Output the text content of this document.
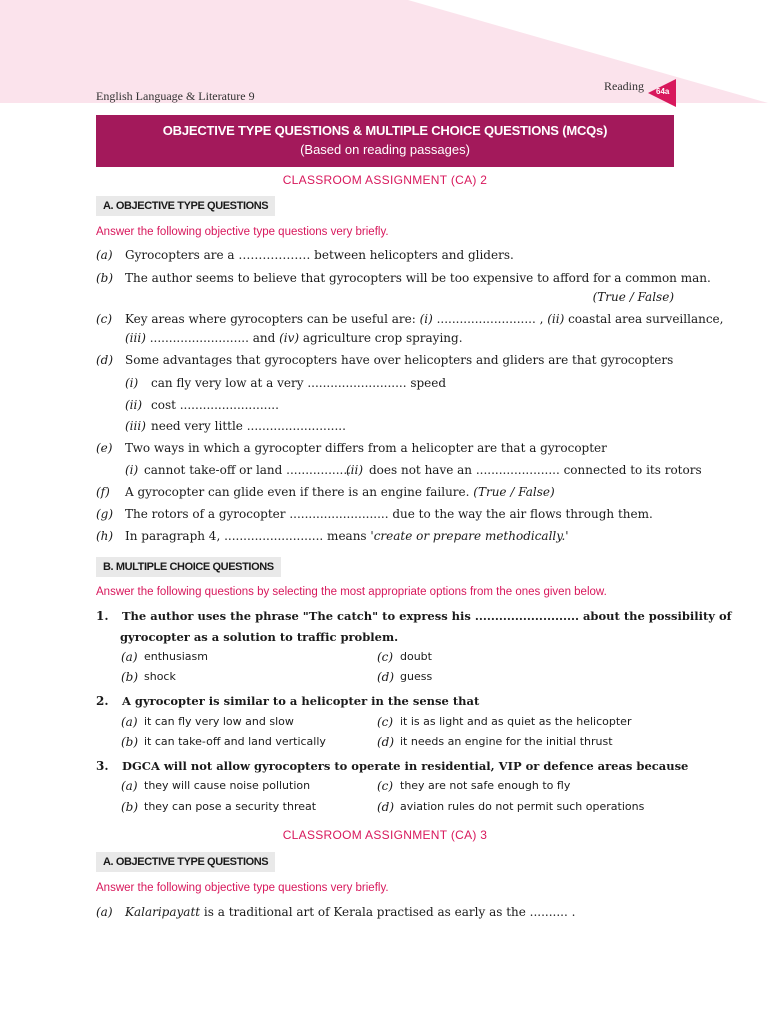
English Language & Literature 9
Reading 64a
OBJECTIVE TYPE QUESTIONS & MULTIPLE CHOICE QUESTIONS (MCQs)
(Based on reading passages)
CLASSROOM ASSIGNMENT (CA) 2
A. OBJECTIVE TYPE QUESTIONS
Answer the following objective type questions very briefly.
(a) Gyrocopters are a ……………… between helicopters and gliders.
(b) The author seems to believe that gyrocopters will be too expensive to afford for a common man.
(True / False)
(c) Key areas where gyrocopters can be useful are: (i) .......................... , (ii) coastal area surveillance,
(iii) .......................... and (iv) agriculture crop spraying.
(d) Some advantages that gyrocopters have over helicopters and gliders are that gyrocopters
(i) can fly very low at a very .......................... speed
(ii) cost ..........................
(iii) need very little ..........................
(e) Two ways in which a gyrocopter differs from a helicopter are that a gyrocopter
(i) cannot take-off or land .................
(ii) does not have an ...................... connected to its rotors
(f) A gyrocopter can glide even if there is an engine failure. (True / False)
(g) The rotors of a gyrocopter .......................... due to the way the air flows through them.
(h) In paragraph 4, .......................... means 'create or prepare methodically.'
B. MULTIPLE CHOICE QUESTIONS
Answer the following questions by selecting the most appropriate options from the ones given below.
1. The author uses the phrase "The catch" to express his .......................... about the possibility of
gyrocopter as a solution to traffic problem.
(a) enthusiasm
(b) shock
(c) doubt
(d) guess
2. A gyrocopter is similar to a helicopter in the sense that
(a) it can fly very low and slow
(b) it can take-off and land vertically
(c) it is as light and as quiet as the helicopter
(d) it needs an engine for the initial thrust
3. DGCA will not allow gyrocopters to operate in residential, VIP or defence areas because
(a) they will cause noise pollution
(b) they can pose a security threat
(c) they are not safe enough to fly
(d) aviation rules do not permit such operations
CLASSROOM ASSIGNMENT (CA) 3
A. OBJECTIVE TYPE QUESTIONS
Answer the following objective type questions very briefly.
(a) Kalaripayatt is a traditional art of Kerala practised as early as the .......... .
